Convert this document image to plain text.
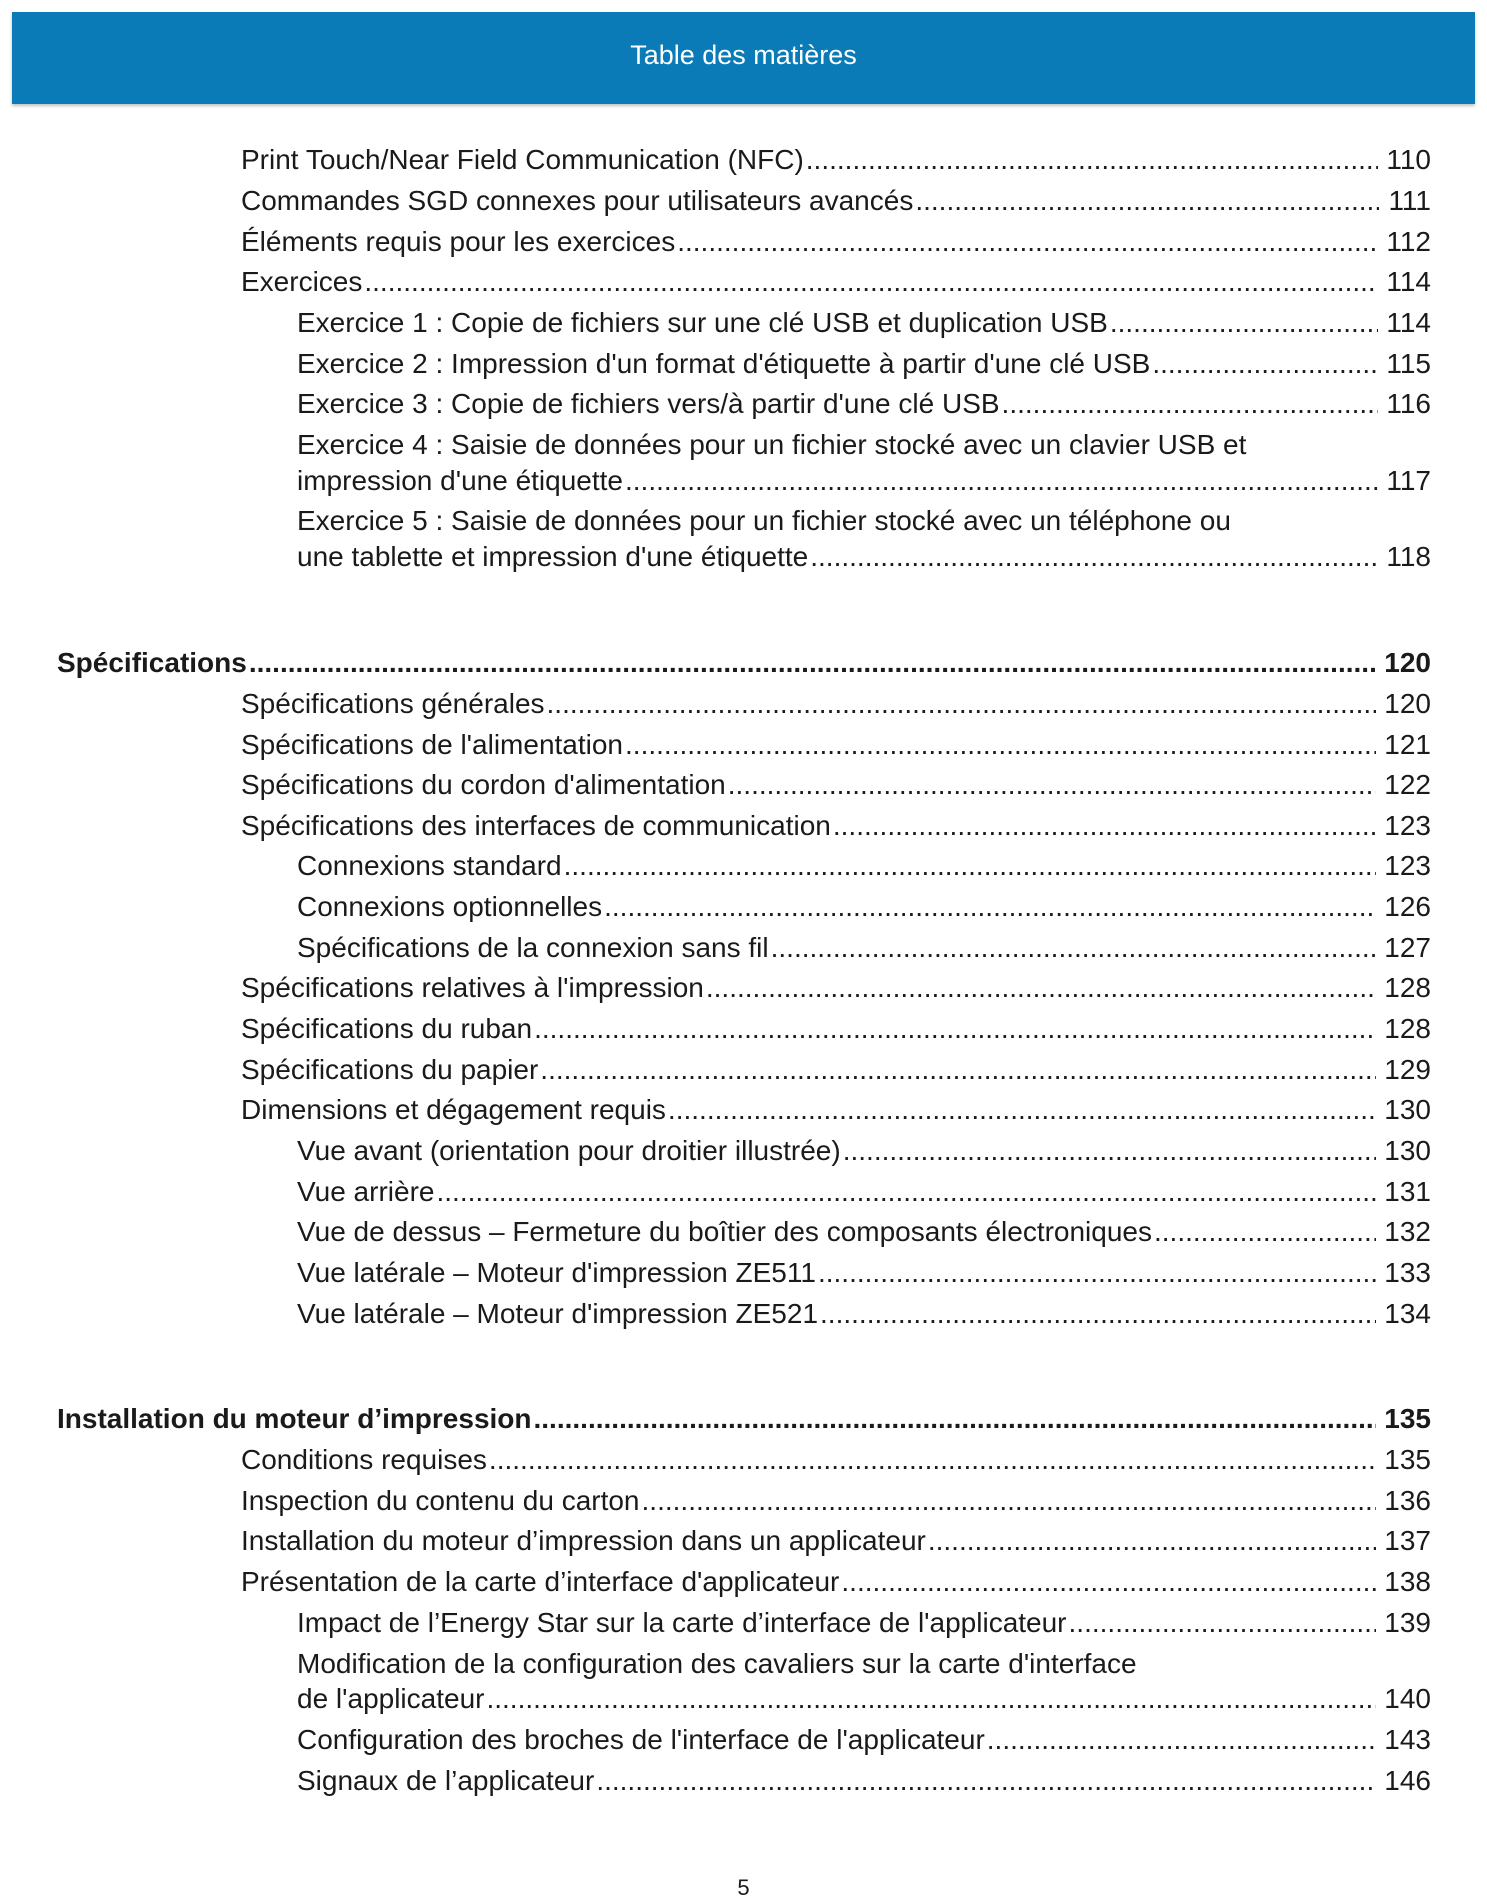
Table des matières
Print Touch/Near Field Communication (NFC) .....	110
Commandes SGD connexes pour utilisateurs avancés .....	111
Éléments requis pour les exercices .....	112
Exercices .....	114
Exercice 1 : Copie de fichiers sur une clé USB et duplication USB .....	114
Exercice 2 : Impression d'un format d'étiquette à partir d'une clé USB .....	115
Exercice 3 : Copie de fichiers vers/à partir d'une clé USB .....	116
Exercice 4 : Saisie de données pour un fichier stocké avec un clavier USB et
impression d'une étiquette .....	117
Exercice 5 : Saisie de données pour un fichier stocké avec un téléphone ou
une tablette et impression d'une étiquette .....	118
Spécifications .....	120
Spécifications générales .....	120
Spécifications de l'alimentation .....	121
Spécifications du cordon d'alimentation .....	122
Spécifications des interfaces de communication .....	123
Connexions standard .....	123
Connexions optionnelles .....	126
Spécifications de la connexion sans fil .....	127
Spécifications relatives à l'impression .....	128
Spécifications du ruban .....	128
Spécifications du papier .....	129
Dimensions et dégagement requis .....	130
Vue avant (orientation pour droitier illustrée) .....	130
Vue arrière .....	131
Vue de dessus – Fermeture du boîtier des composants électroniques .....	132
Vue latérale – Moteur d'impression ZE511 .....	133
Vue latérale – Moteur d'impression ZE521 .....	134
Installation du moteur d’impression .....	135
Conditions requises .....	135
Inspection du contenu du carton .....	136
Installation du moteur d’impression dans un applicateur .....	137
Présentation de la carte d’interface d'applicateur .....	138
Impact de l’Energy Star sur la carte d’interface de l'applicateur .....	139
Modification de la configuration des cavaliers sur la carte d'interface
de l'applicateur .....	140
Configuration des broches de l'interface de l'applicateur .....	143
Signaux de l’applicateur .....	146
5
